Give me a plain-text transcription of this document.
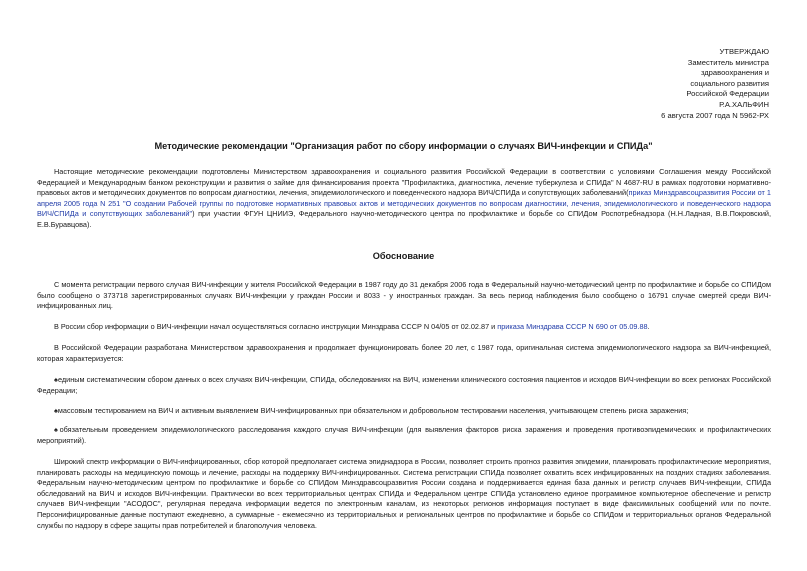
УТВЕРЖДАЮ
Заместитель министра
здравоохранения и
социального развития
Российской Федерации
Р.А.ХАЛЬФИН
6 августа 2007 года N 5962-РХ
Методические рекомендации "Организация работ по сбору информации о случаях ВИЧ-инфекции и СПИДа"
Настоящие методические рекомендации подготовлены Министерством здравоохранения и социального развития Российской Федерации в соответствии с условиями Соглашения между Российской Федерацией и Международным банком реконструкции и развития о займе для финансирования проекта "Профилактика, диагностика, лечение туберкулеза и СПИДа" N 4687-RU в рамках подготовки нормативно-правовых актов и методических документов по вопросам диагностики, лечения, эпидемиологического и поведенческого надзора ВИЧ/СПИДа и сопутствующих заболеваний(приказ Минздравсоцразвития России от 1 апреля 2005 года N 251 "О создании Рабочей группы по подготовке нормативных правовых актов и методических документов по вопросам диагностики, лечения, эпидемиологического и поведенческого надзора ВИЧ/СПИДа и сопутствующих заболеваний") при участии ФГУН ЦНИИЭ, Федерального научно-методического центра по профилактике и борьбе со СПИДом Роспотребнадзора (Н.Н.Ладная, В.В.Покровский, Е.В.Буравцова).
Обоснование
С момента регистрации первого случая ВИЧ-инфекции у жителя Российской Федерации в 1987 году до 31 декабря 2006 года в Федеральный научно-методический центр по профилактике и борьбе со СПИДом было сообщено о 373718 зарегистрированных случаях ВИЧ-инфекции у граждан России и 8033 - у иностранных граждан. За весь период наблюдения было сообщено о 16791 случае смертей среди ВИЧ-инфицированных лиц.
В России сбор информации о ВИЧ-инфекции начал осуществляться согласно инструкции Минздрава СССР N 04/05 от 02.02.87 и приказа Минздрава СССР N 690 от 05.09.88.
В Российской Федерации разработана Министерством здравоохранения и продолжает функционировать более 20 лет, с 1987 года, оригинальная система эпидемиологического надзора за ВИЧ-инфекцией, которая характеризуется:
♠единым систематическим сбором данных о всех случаях ВИЧ-инфекции, СПИДа, обследованиях на ВИЧ, изменении клинического состояния пациентов и исходов ВИЧ-инфекции во всех регионах Российской Федерации;
♠массовым тестированием на ВИЧ и активным выявлением ВИЧ-инфицированных при обязательном и добровольном тестировании населения, учитывающем степень риска заражения;
♠обязательным проведением эпидемиологического расследования каждого случая ВИЧ-инфекции (для выявления факторов риска заражения и проведения противоэпидемических и профилактических мероприятий).
Широкий спектр информации о ВИЧ-инфицированных, сбор которой предполагает система эпиднадзора в России, позволяет строить прогноз развития эпидемии, планировать профилактические мероприятия, планировать расходы на медицинскую помощь и лечение, расходы на поддержку ВИЧ-инфицированных. Система регистрации СПИДа позволяет охватить всех инфицированных на поздних стадиях заболевания. Федеральным научно-методическим центром по профилактике и борьбе со СПИДом Минздравсоцразвития России создана и поддерживается единая база данных и регистр случаев ВИЧ-инфекции, СПИДа обследований на ВИЧ и исходов ВИЧ-инфекции. Практически во всех территориальных центрах СПИДа и Федеральном центре СПИДа установлено единое программное компьютерное обеспечение и регистр случаев ВИЧ-инфекции "АСОДОС", регулярная передача информации ведется по электронным каналам, из некоторых регионов информация поступает в виде факсимильных сообщений или по почте. Персонифицированные данные поступают ежедневно, а суммарные - ежемесячно из территориальных и региональных центров по профилактике и борьбе со СПИДом и территориальных органов Федеральной службы по надзору в сфере защиты прав потребителей и благополучия человека.
